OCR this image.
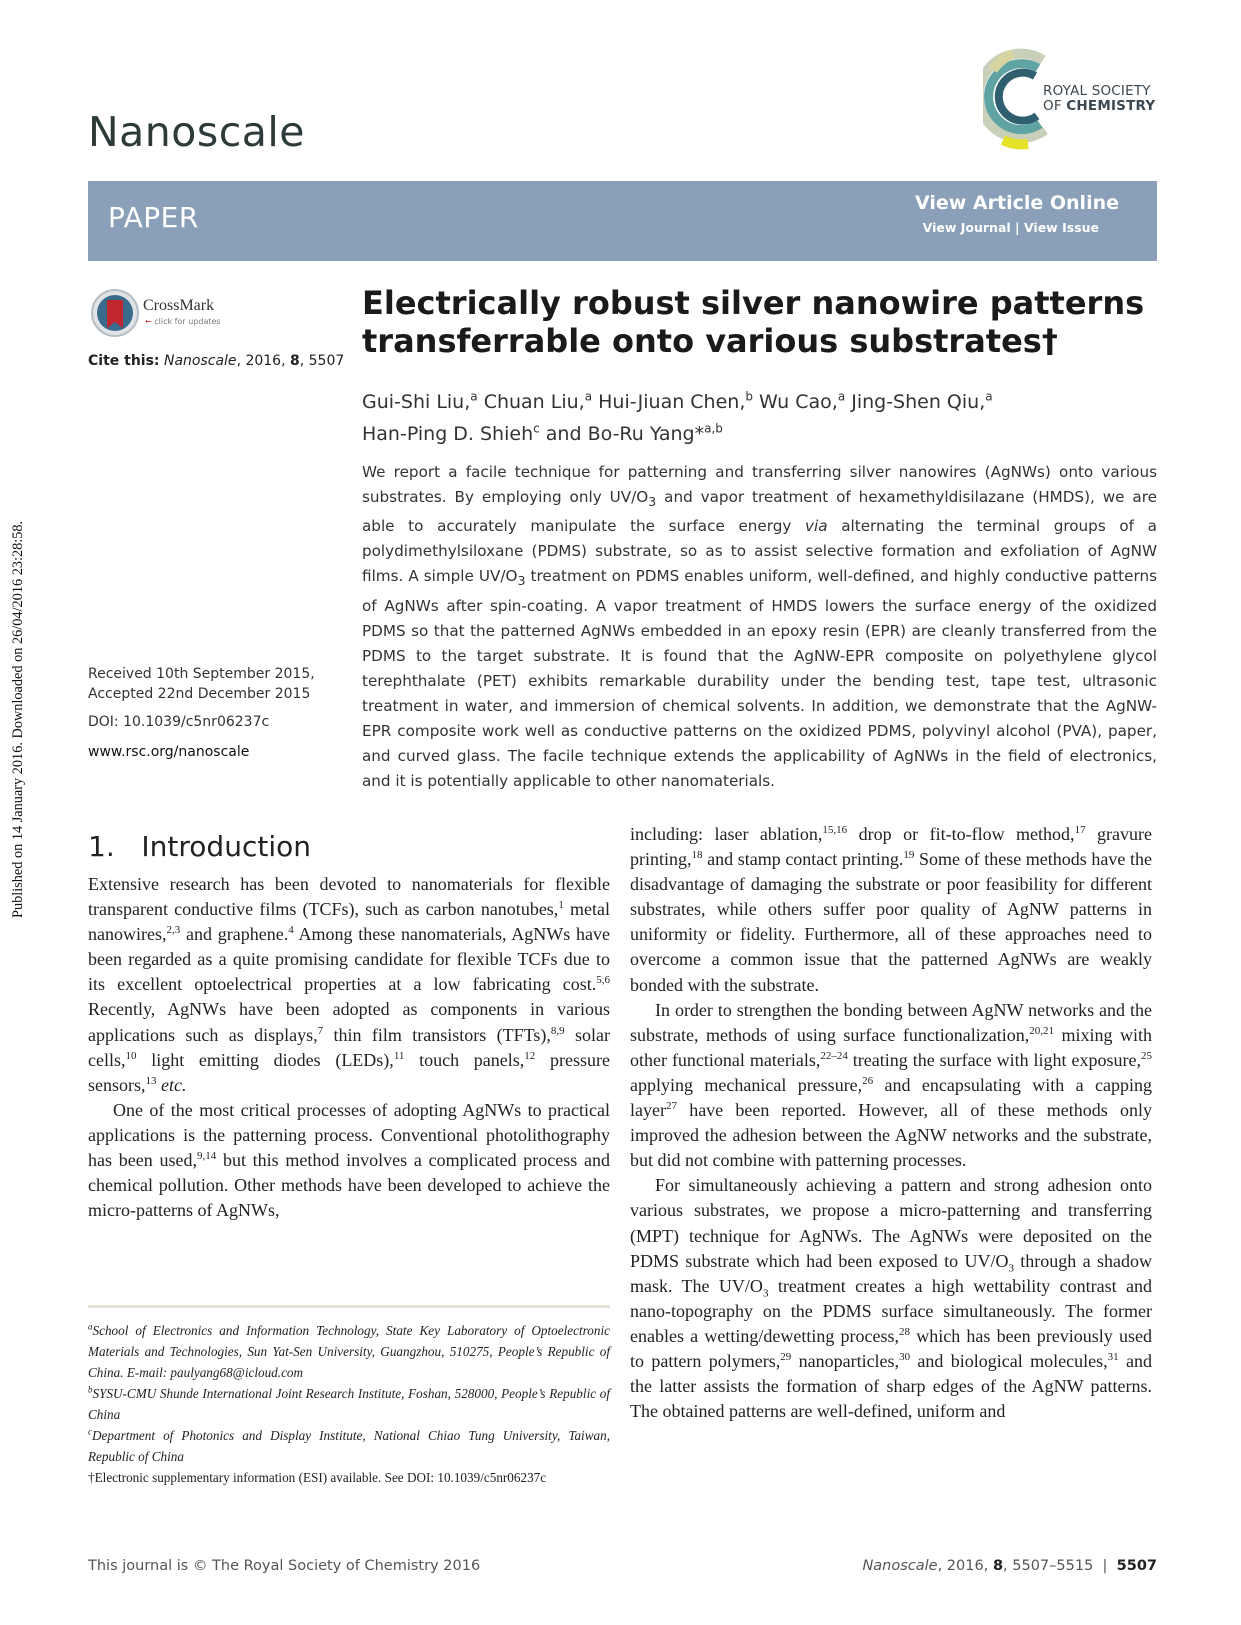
Published on 14 January 2016. Downloaded on 26/04/2016 23:28:58.
Nanoscale
ROYAL SOCIETY
OF CHEMISTRY
PAPER	View Article Online
View Journal | View Issue
CrossMark
← click for updates
Cite this: Nanoscale, 2016, 8, 5507
Received 10th September 2015,
Accepted 22nd December 2015
DOI: 10.1039/c5nr06237c
www.rsc.org/nanoscale
Electrically robust silver nanowire patterns
transferrable onto various substrates†
Gui-Shi Liu,$^a$ Chuan Liu,$^a$ Hui-Jiuan Chen,$^b$ Wu Cao,$^a$ Jing-Shen Qiu,$^a$
Han-Ping D. Shieh$^c$ and Bo-Ru Yang*$^{a,b}$
We report a facile technique for patterning and transferring silver nanowires (AgNWs) onto various substrates. By employing only $UV/O_3$ and vapor treatment of hexamethyldisilazane (HMDS), we are able to accurately manipulate the surface energy via alternating the terminal groups of a polydimethylsiloxane (PDMS) substrate, so as to assist selective formation and exfoliation of AgNW films. A simple $UV/O_3$ treatment on PDMS enables uniform, well-defined, and highly conductive patterns of AgNWs after spin-coating. A vapor treatment of HMDS lowers the surface energy of the oxidized PDMS so that the patterned AgNWs embedded in an epoxy resin (EPR) are cleanly transferred from the PDMS to the target substrate. It is found that the AgNW-EPR composite on polyethylene glycol terephthalate (PET) exhibits remarkable durability under the bending test, tape test, ultrasonic treatment in water, and immersion of chemical solvents. In addition, we demonstrate that the AgNW-EPR composite work well as conductive patterns on the oxidized PDMS, polyvinyl alcohol (PVA), paper, and curved glass. The facile technique extends the applicability of AgNWs in the field of electronics, and it is potentially applicable to other nanomaterials.
1. Introduction

Extensive research has been devoted to nanomaterials for flexible transparent conductive films (TCFs), such as carbon nanotubes,$^1$ metal nanowires,$^{2,3}$ and graphene.$^4$ Among these nanomaterials, AgNWs have been regarded as a quite promising candidate for flexible TCFs due to its excellent optoelectrical properties at a low fabricating cost.$^{5,6}$ Recently, AgNWs have been adopted as components in various applications such as displays,$^7$ thin film transistors (TFTs),$^{8,9}$ solar cells,$^{10}$ light emitting diodes (LEDs),$^{11}$ touch panels,$^{12}$ pressure sensors,$^{13}$ etc.

One of the most critical processes of adopting AgNWs to practical applications is the patterning process. Conventional photolithography has been used,$^{9,14}$ but this method involves a complicated process and chemical pollution. Other methods have been developed to achieve the micro-patterns of AgNWs,

$^a$School of Electronics and Information Technology, State Key Laboratory of Optoelectronic Materials and Technologies, Sun Yat-Sen University, Guangzhou, 510275, People’s Republic of China. E-mail: paulyang68@icloud.com

$^b$SYSU-CMU Shunde International Joint Research Institute, Foshan, 528000, People’s Republic of China

$^c$Department of Photonics and Display Institute, National Chiao Tung University, Taiwan, Republic of China

†Electronic supplementary information (ESI) available. See DOI: 10.1039/c5nr06237c

including: laser ablation,$^{15,16}$ drop or fit-to-flow method,$^{17}$ gravure printing,$^{18}$ and stamp contact printing.$^{19}$ Some of these methods have the disadvantage of damaging the substrate or poor feasibility for different substrates, while others suffer poor quality of AgNW patterns in uniformity or fidelity. Furthermore, all of these approaches need to overcome a common issue that the patterned AgNWs are weakly bonded with the substrate.

In order to strengthen the bonding between AgNW networks and the substrate, methods of using surface functionalization,$^{20,21}$ mixing with other functional materials,$^{22-24}$ treating the surface with light exposure,$^{25}$ applying mechanical pressure,$^{26}$ and encapsulating with a capping layer$^{27}$ have been reported. However, all of these methods only improved the adhesion between the AgNW networks and the substrate, but did not combine with patterning processes.

For simultaneously achieving a pattern and strong adhesion onto various substrates, we propose a micro-patterning and transferring (MPT) technique for AgNWs. The AgNWs were deposited on the PDMS substrate which had been exposed to $UV/O_3$ through a shadow mask. The $UV/O_3$ treatment creates a high wettability contrast and nano-topography on the PDMS surface simultaneously. The former enables a wetting/dewetting process,$^{28}$ which has been previously used to pattern polymers,$^{29}$ nanoparticles,$^{30}$ and biological molecules,$^{31}$ and the latter assists the formation of sharp edges of the AgNW patterns. The obtained patterns are well-defined, uniform and

This journal is © The Royal Society of Chemistry 2016	Nanoscale, 2016, 8, 5507–5515  |  5507
